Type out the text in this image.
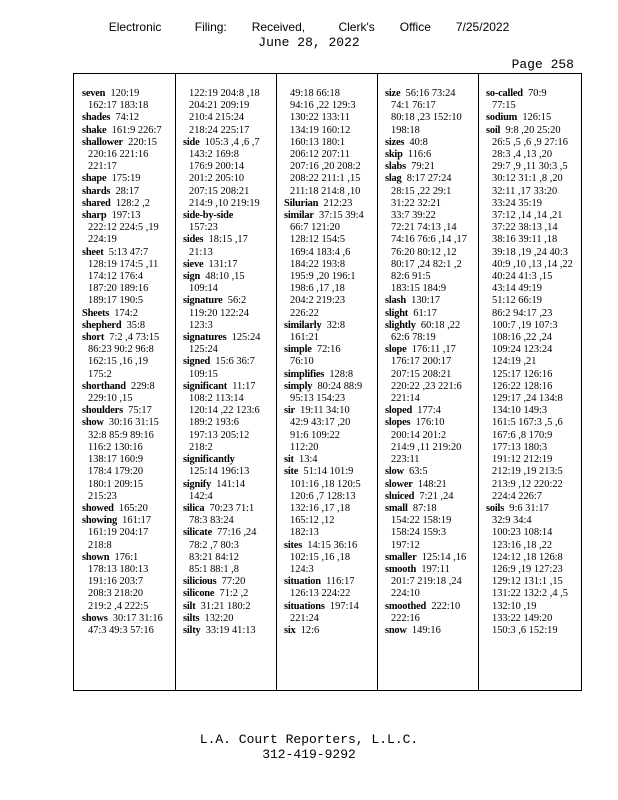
Electronic    Filing:   Received,    Clerk's   Office   7/25/2022
June 28, 2022
Page 258
seven  120:19
162:17 183:18
shades  74:12
shake  161:9 226:7
shallower  220:15
220:16 221:16
221:17
shape  175:19
shards  28:17
shared  128:2 ,2
sharp  197:13
222:12 224:5 ,19
224:19
sheet  5:13 47:7
128:19 174:5 ,11
174:12 176:4
187:20 189:16
189:17 190:5
Sheets  174:2
shepherd  35:8
short  7:2 ,4 73:15
86:23 90:2 96:8
162:15 ,16 ,19
175:2
shorthand  229:8
229:10 ,15
shoulders  75:17
show  30:16 31:15
32:8 85:9 89:16
116:2 130:16
138:17 160:9
178:4 179:20
180:1 209:15
215:23
showed  165:20
showing  161:17
161:19 204:17
218:8
shown  176:1
178:13 180:13
191:16 203:7
208:3 218:20
219:2 ,4 222:5
shows  30:17 31:16
47:3 49:3 57:16
122:19 204:8 ,18
204:21 209:19
210:4 215:24
218:24 225:17
side  105:3 ,4 ,6 ,7
143:2 169:8
176:9 200:14
201:2 205:10
207:15 208:21
214:9 ,10 219:19
side-by-side
157:23
sides  18:15 ,17
21:13
sieve  131:17
sign  48:10 ,15
109:14
signature  56:2
119:20 122:24
123:3
signatures  125:24
125:24
signed  15:6 36:7
109:15
significant  11:17
108:2 113:14
120:14 ,22 123:6
189:2 193:6
197:13 205:12
218:2
significantly
125:14 196:13
signify  141:14
142:4
silica  70:23 71:1
78:3 83:24
silicate  77:16 ,24
78:2 ,7 80:3
83:21 84:12
85:1 88:1 ,8
silicious  77:20
silicone  71:2 ,2
silt  31:21 180:2
silts  132:20
silty  33:19 41:13
49:18 66:18
94:16 ,22 129:3
130:22 133:11
134:19 160:12
160:13 180:1
206:12 207:11
207:16 ,20 208:2
208:22 211:1 ,15
211:18 214:8 ,10
Silurian  212:23
similar  37:15 39:4
66:7 121:20
128:12 154:5
169:4 183:4 ,6
184:22 193:8
195:9 ,20 196:1
198:6 ,17 ,18
204:2 219:23
226:22
similarly  32:8
161:21
simple  72:16
76:10
simplifies  128:8
simply  80:24 88:9
95:13 154:23
sir  19:11 34:10
42:9 43:17 ,20
91:6 109:22
112:20
sit  13:4
site  51:14 101:9
101:16 ,18 120:5
120:6 ,7 128:13
132:16 ,17 ,18
165:12 ,12
182:13
sites  14:15 36:16
102:15 ,16 ,18
124:3
situation  116:17
126:13 224:22
situations  197:14
221:24
six  12:6
size  56:16 73:24
74:1 76:17
80:18 ,23 152:10
198:18
sizes  40:8
skip  116:6
slabs  79:21
slag  8:17 27:24
28:15 ,22 29:1
31:22 32:21
33:7 39:22
72:21 74:13 ,14
74:16 76:6 ,14 ,17
76:20 80:12 ,12
80:17 ,24 82:1 ,2
82:6 91:5
183:15 184:9
slash  130:17
slight  61:17
slightly  60:18 ,22
62:6 78:19
slope  176:11 ,17
176:17 200:17
207:15 208:21
220:22 ,23 221:6
221:14
sloped  177:4
slopes  176:10
200:14 201:2
214:9 ,11 219:20
223:11
slow  63:5
slower  148:21
sluiced  7:21 ,24
small  87:18
154:22 158:19
158:24 159:3
197:12
smaller  125:14 ,16
smooth  197:11
201:7 219:18 ,24
224:10
smoothed  222:10
222:16
snow  149:16
so-called  70:9
77:15
sodium  126:15
soil  9:8 ,20 25:20
26:5 ,5 ,6 ,9 27:16
28:3 ,4 ,13 ,20
29:7 ,9 ,11 30:3 ,5
30:12 31:1 ,8 ,20
32:11 ,17 33:20
33:24 35:19
37:12 ,14 ,14 ,21
37:22 38:13 ,14
38:16 39:11 ,18
39:18 ,19 ,24 40:3
40:9 ,10 ,13 ,14 ,22
40:24 41:3 ,15
43:14 49:19
51:12 66:19
86:2 94:17 ,23
100:7 ,19 107:3
108:16 ,22 ,24
109:24 123:24
124:19 ,21
125:17 126:16
126:22 128:16
129:17 ,24 134:8
134:10 149:3
161:5 167:3 ,5 ,6
167:6 ,8 170:9
177:13 180:3
191:12 212:19
212:19 ,19 213:5
213:9 ,12 220:22
224:4 226:7
soils  9:6 31:17
32:9 34:4
100:23 108:14
123:16 ,18 ,22
124:12 ,18 126:8
126:9 ,19 127:23
129:12 131:1 ,15
131:22 132:2 ,4 ,5
132:10 ,19
133:22 149:20
150:3 ,6 152:19
L.A. Court Reporters, L.L.C.
312-419-9292
